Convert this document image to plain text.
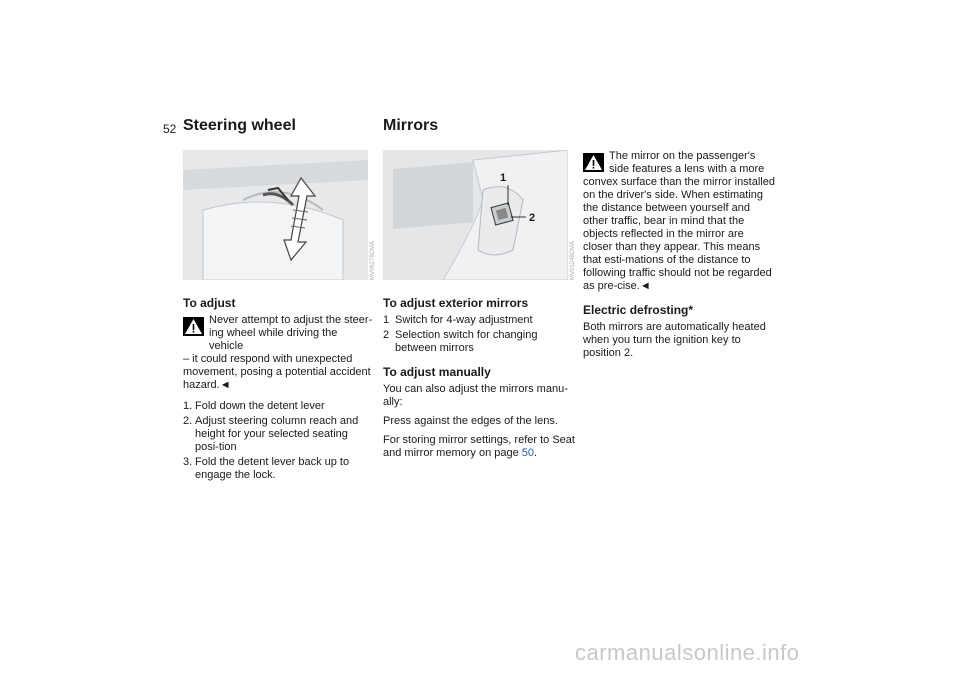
52 Steering wheel	Mirrors
MV06278CMA
1
2
MV01248CMA
To adjust
Never attempt to adjust the steer-
ing wheel while driving the vehicle
– it could respond with unexpected movement, posing a potential accident hazard.◄
1. Fold down the detent lever
2. Adjust steering column reach and height for your selected seating posi-tion
3. Fold the detent lever back up to engage the lock.
To adjust exterior mirrors
1 Switch for 4-way adjustment
2 Selection switch for changing between mirrors
To adjust manually

You can also adjust the mirrors manu-ally:

Press against the edges of the lens.

For storing mirror settings, refer to Seat and mirror memory on page 50.

The mirror on the passenger's
side features a lens with a more
convex surface than the mirror installed on the driver's side. When estimating the distance between yourself and other traffic, bear in mind that the objects reflected in the mirror are closer than they appear. This means that esti-mations of the distance to following traffic should not be regarded as pre-cise.◄
Electric defrosting*

Both mirrors are automatically heated when you turn the ignition key to position 2.

carmanualsonline.info
